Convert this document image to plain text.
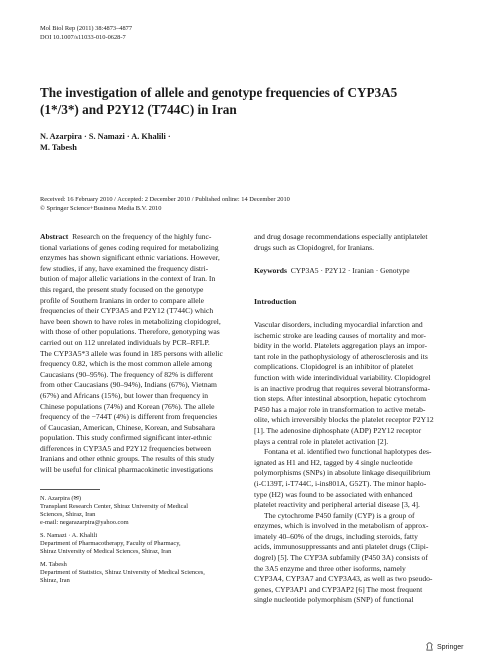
Mol Biol Rep (2011) 38:4873–4877
DOI 10.1007/s11033-010-0628-7
The investigation of allele and genotype frequencies of CYP3A5
(1*/3*) and P2Y12 (T744C) in Iran
N. Azarpira · S. Namazi · A. Khalili ·
M. Tabesh
Received: 16 February 2010 / Accepted: 2 December 2010 / Published online: 14 December 2010
© Springer Science+Business Media B.V. 2010
Abstract  Research on the frequency of the highly func-
tional variations of genes coding required for metabolizing
enzymes has shown significant ethnic variations. However,
few studies, if any, have examined the frequency distri-
bution of major allelic variations in the context of Iran. In
this regard, the present study focused on the genotype
profile of Southern Iranians in order to compare allele
frequencies of their CYP3A5 and P2Y12 (T744C) which
have been shown to have roles in metabolizing clopidogrel,
with those of other populations. Therefore, genotyping was
carried out on 112 unrelated individuals by PCR–RFLP.
The CYP3A5*3 allele was found in 185 persons with allelic
frequency 0.82, which is the most common allele among
Caucasians (90–95%). The frequency of 82% is different
from other Caucasians (90–94%), Indians (67%), Vietnam
(67%) and Africans (15%), but lower than frequency in
Chinese populations (74%) and Korean (76%). The allele
frequency of the −744T (4%) is different from frequencies
of Caucasian, American, Chinese, Korean, and Subsahara
population. This study confirmed significant inter-ethnic
differences in CYP3A5 and P2Y12 frequencies between
Iranians and other ethnic groups. The results of this study
will be useful for clinical pharmacokinetic investigations
N. Azarpira (✉)
Transplant Research Center, Shiraz University of Medical
Sciences, Shiraz, Iran
e-mail: negarazarpira@yahoo.com
S. Namazi · A. Khalili
Department of Pharmacotherapy, Faculty of Pharmacy,
Shiraz University of Medical Sciences, Shiraz, Iran
M. Tabesh
Department of Statistics, Shiraz University of Medical Sciences,
Shiraz, Iran
and drug dosage recommendations especially antiplatelet
drugs such as Clopidogrel, for Iranians.
Keywords CYP3A5 · P2Y12 · Iranian · Genotype
Introduction
Vascular disorders, including myocardial infarction and
ischemic stroke are leading causes of mortality and mor-
bidity in the world. Platelets aggregation plays an impor-
tant role in the pathophysiology of atherosclerosis and its
complications. Clopidogrel is an inhibitor of platelet
function with wide interindividual variability. Clopidogrel
is an inactive prodrug that requires several biotransforma-
tion steps. After intestinal absorption, hepatic cytochrom
P450 has a major role in transformation to active metab-
olite, which irreversibly blocks the platelet receptor P2Y12
[1]. The adenosine diphosphate (ADP) P2Y12 receptor
plays a central role in platelet activation [2].
Fontana et al. identified two functional haplotypes des-
ignated as H1 and H2, tagged by 4 single nucleotide
polymorphisms (SNPs) in absolute linkage disequilibrium
(i-C139T, i-T744C, i-ins801A, G52T). The minor haplo-
type (H2) was found to be associated with enhanced
platelet reactivity and peripheral arterial disease [3, 4].
The cytochrome P450 family (CYP) is a group of
enzymes, which is involved in the metabolism of approx-
imately 40–60% of the drugs, including steroids, fatty
acids, immunosuppressants and anti platelet drugs (Clipi-
dogrel) [5]. The CYP3A subfamily (P450 3A) consists of
the 3A5 enzyme and three other isoforms, namely
CYP3A4, CYP3A7 and CYP3A43, as well as two pseudo-
genes, CYP3AP1 and CYP3AP2 [6] The most frequent
single nucleotide polymorphism (SNP) of functional
Springer
